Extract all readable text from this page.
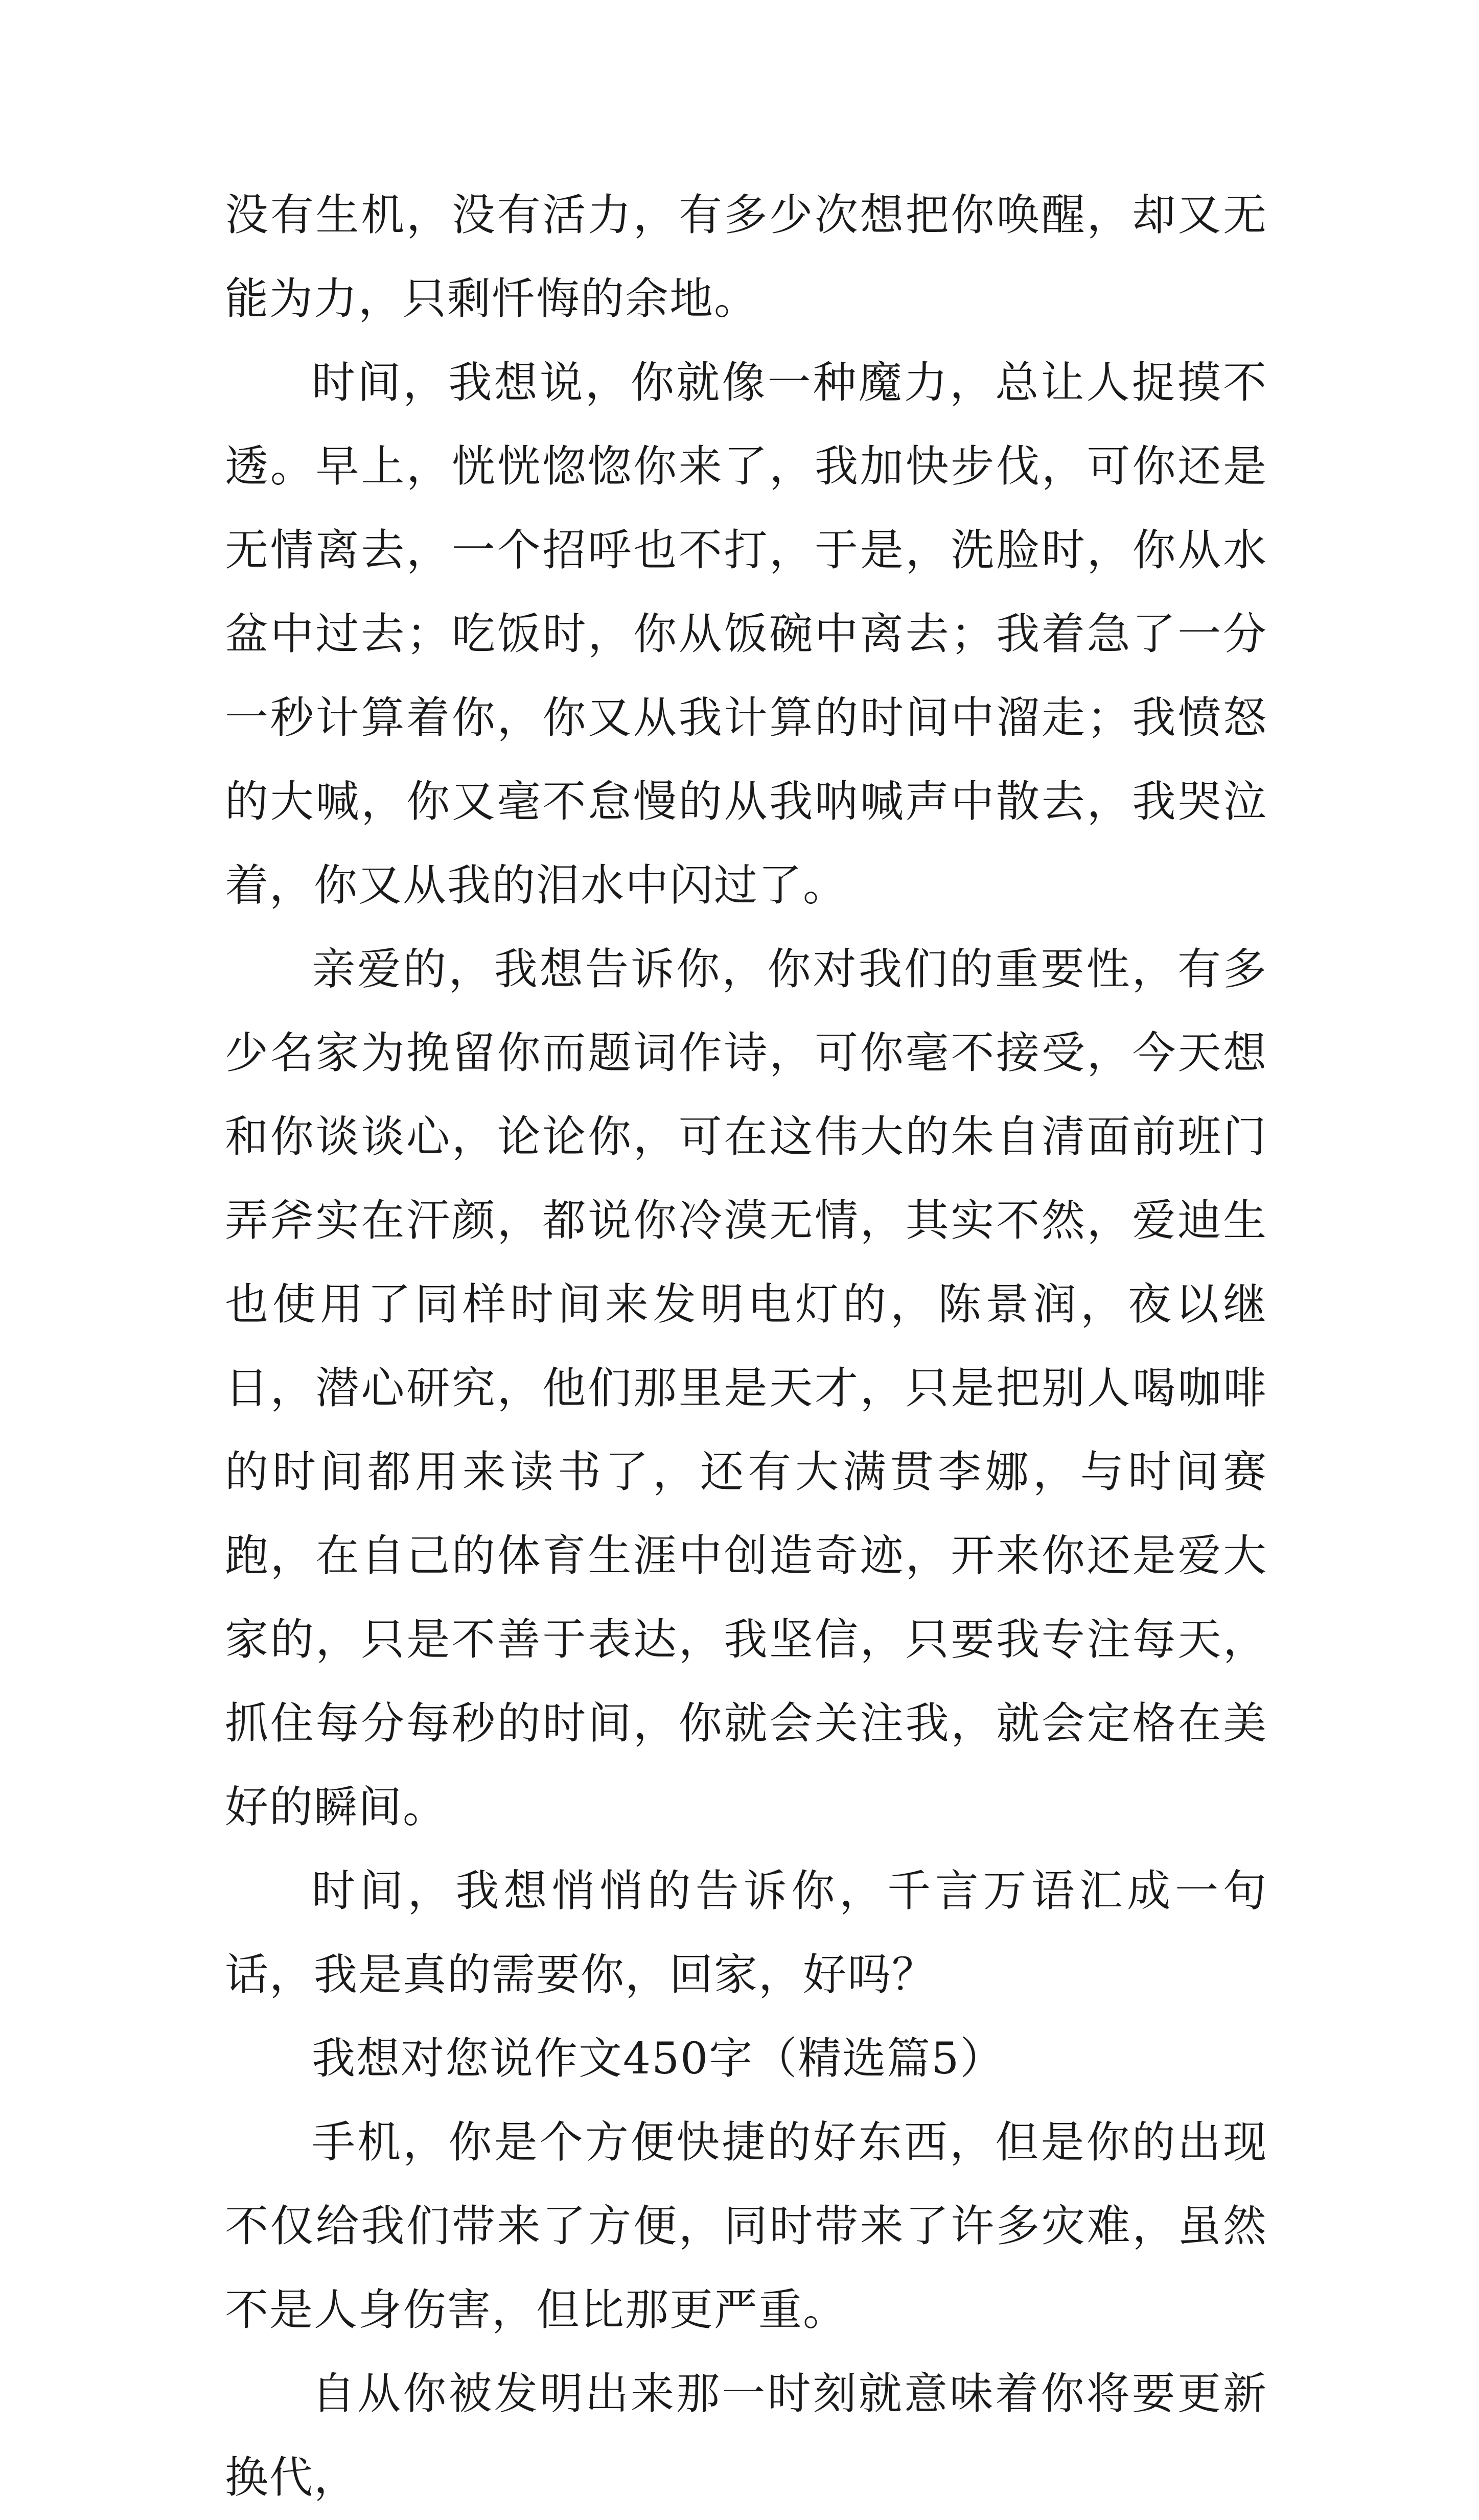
没有生机，没有活力，有多少次想把你唤醒，却又无能为力，只剩忏悔的余地。

时间，我想说，你就像一种魔力，总让人捉摸不透。早上，恍恍惚惚你来了，我加快步伐，可你还是无情离去，一个招呼也不打，于是，洗脸时，你从水盆中过去；吃饭时，你从饭碗中离去；我着急了一分一秒计算着你，你又从我计算的时间中溜走；我愤怒的大喊，你又毫不怠慢的从我呐喊声中散去，我哭泣着，你又从我的泪水中闪过了。

亲爱的，我想告诉你，你对我们的重要性，有多少名家为挽留你而题词作诗，可你毫不接受，今天想和你谈谈心，论论你，可在这伟大的朱自清面前班门弄斧实在汗颜，都说你冷漠无情，其实不然，爱迪生也使用了同样时间来发明电灯的，陈景润，夜以继日，潜心研究，他们那里是天才，只是把别人喝咖啡的时间都用来读书了，还有大满贯李娜，与时间赛跑，在自己的体育生涯中创造奇迹，开来你还是爱大家的，只是不善于表达，我坚信，只要我专注每天，抓住每分每秒的时间，你就会关注我，就会定格在美好的瞬间。

时间，我想悄悄的告诉你，千言万语汇成一句话，我是真的需要你，回家，好吗？

我想对您说作文450字（精选篇5）

手机，你是个方便快捷的好东西，但是你的出现不仅给我们带来了方便，同时带来了许多灾难，虽然不是人身伤害，但比那更严重。

自从你被发明出来那一时刻就意味着你将要更新换代，
